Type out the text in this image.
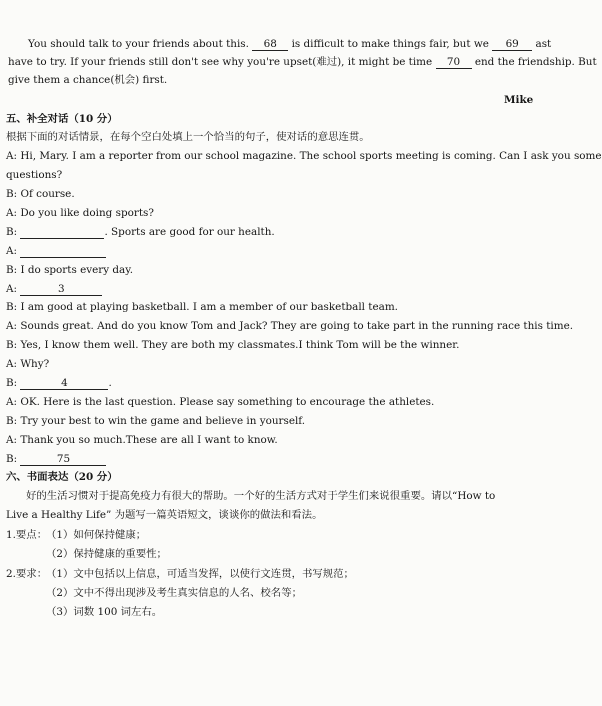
You should talk to your friends about this. 68 is difficult to make things fair, but we 69 ast
have to try. If your friends still don't see why you're upset(难过), it might be time 70 end the friendship. But
give them a chance(机会) first.
Mike
五、补全对话（10 分）
根据下面的对话情景，在每个空白处填上一个恰当的句子，使对话的意思连贯。
A: Hi, Mary. I am a reporter from our school magazine. The school sports meeting is coming. Can I ask you some
questions?
B: Of course.
A: Do you like doing sports?
B:	. Sports are good for our health.
A:
B: I do sports every day.
A:	3
B: I am good at playing basketball. I am a member of our basketball team.
A: Sounds great. And do you know Tom and Jack? They are going to take part in the running race this time.
B: Yes, I know them well. They are both my classmates.I think Tom will be the winner.
A: Why?
B:	4	.
A: OK. Here is the last question. Please say something to encourage the athletes.
B: Try your best to win the game and believe in yourself.
A: Thank you so much.These are all I want to know.
B:	75
六、书面表达（20 分）
好的生活习惯对于提高免疫力有很大的帮助。一个好的生活方式对于学生们来说很重要。请以“How to
Live a Healthy Life” 为题写一篇英语短文，谈谈你的做法和看法。
1.要点：
（1）如何保持健康；
（2）保持健康的重要性；
2.要求：
（1）文中包括以上信息，可适当发挥，以使行文连贯，书写规范；
（2）文中不得出现涉及考生真实信息的人名、校名等；
（3）词数 100 词左右。
